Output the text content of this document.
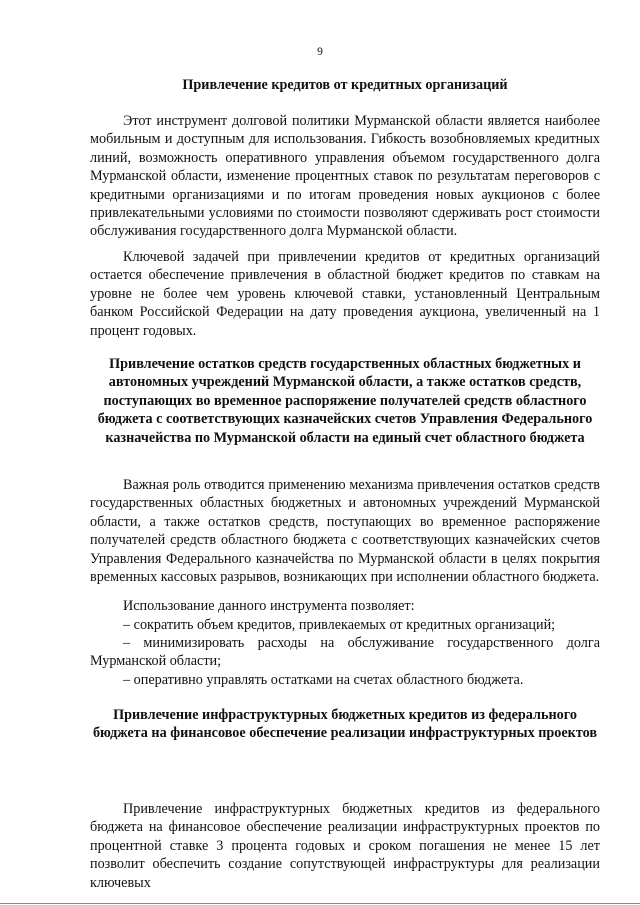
9
Привлечение кредитов от кредитных организаций

Этот инструмент долговой политики Мурманской области является наиболее мобильным и доступным для использования. Гибкость возобновляемых кредитных линий, возможность оперативного управления объемом государственного долга Мурманской области, изменение процентных ставок по результатам переговоров с кредитными организациями и по итогам проведения новых аукционов с более привлекательными условиями по стоимости позволяют сдерживать рост стоимости обслуживания государственного долга Мурманской области.

Ключевой задачей при привлечении кредитов от кредитных организаций остается обеспечение привлечения в областной бюджет кредитов по ставкам на уровне не более чем уровень ключевой ставки, установленный Центральным банком Российской Федерации на дату проведения аукциона, увеличенный на 1 процент годовых.

Привлечение остатков средств государственных областных бюджетных и автономных учреждений Мурманской области, а также остатков средств, поступающих во временное распоряжение получателей средств областного бюджета с соответствующих казначейских счетов Управления Федерального казначейства по Мурманской области на единый счет областного бюджета

Важная роль отводится применению механизма привлечения остатков средств государственных областных бюджетных и автономных учреждений Мурманской области, а также остатков средств, поступающих во временное распоряжение получателей средств областного бюджета с соответствующих казначейских счетов Управления Федерального казначейства по Мурманской области в целях покрытия временных кассовых разрывов, возникающих при исполнении областного бюджета.

Использование данного инструмента позволяет:

– сократить объем кредитов, привлекаемых от кредитных организаций;

– минимизировать расходы на обслуживание государственного долга Мурманской области;

– оперативно управлять остатками на счетах областного бюджета.

Привлечение инфраструктурных бюджетных кредитов из федерального бюджета на финансовое обеспечение реализации инфраструктурных проектов

Привлечение инфраструктурных бюджетных кредитов из федерального бюджета на финансовое обеспечение реализации инфраструктурных проектов по процентной ставке 3 процента годовых и сроком погашения не менее 15 лет позволит обеспечить создание сопутствующей инфраструктуры для реализации ключевых
